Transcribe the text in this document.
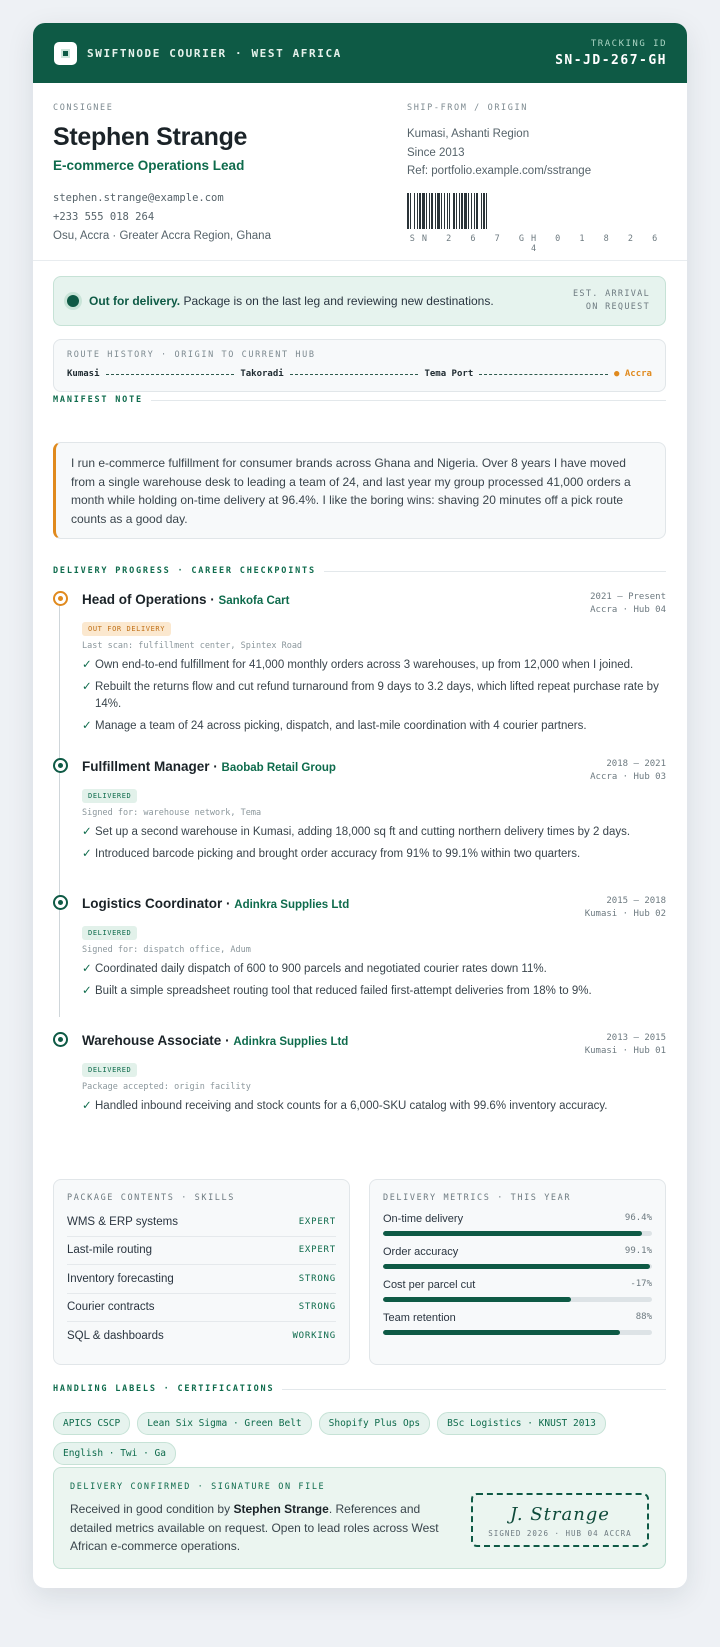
SWIFTNODE COURIER · WEST AFRICA
TRACKING ID
SN-JD-267-GH
CONSIGNEE
Stephen Strange
E-commerce Operations Lead
stephen.strange@example.com
+233 555 018 264
Osu, Accra · Greater Accra Region, Ghana
SHIP-FROM / ORIGIN
Kumasi, Ashanti Region
Since 2013
Ref: portfolio.example.com/sstrange
SN 2 6 7 GH 0 1 8 2 6 4
Out for delivery. Package is on the last leg and reviewing new destinations.	EST. ARRIVAL
ON REQUEST
ROUTE HISTORY · ORIGIN TO CURRENT HUB
Kumasi	Takoradi	Tema Port	● Accra
MANIFEST NOTE
I run e-commerce fulfillment for consumer brands across Ghana and Nigeria. Over 8 years I have moved from a single warehouse desk to leading a team of 24, and last year my group processed 41,000 orders a month while holding on-time delivery at 96.4%. I like the boring wins: shaving 20 minutes off a pick route counts as a good day.
DELIVERY PROGRESS · CAREER CHECKPOINTS
Head of Operations · Sankofa Cart	2021 – Present
Accra · Hub 04
OUT FOR DELIVERY
Last scan: fulfillment center, Spintex Road
✓ Own end-to-end fulfillment for 41,000 monthly orders across 3 warehouses, up from 12,000 when I joined.
✓ Rebuilt the returns flow and cut refund turnaround from 9 days to 3.2 days, which lifted repeat purchase rate by 14%.
✓ Manage a team of 24 across picking, dispatch, and last-mile coordination with 4 courier partners.
Fulfillment Manager · Baobab Retail Group	2018 – 2021
Accra · Hub 03
DELIVERED
Signed for: warehouse network, Tema
✓ Set up a second warehouse in Kumasi, adding 18,000 sq ft and cutting northern delivery times by 2 days.
✓ Introduced barcode picking and brought order accuracy from 91% to 99.1% within two quarters.
Logistics Coordinator · Adinkra Supplies Ltd	2015 – 2018
Kumasi · Hub 02
DELIVERED
Signed for: dispatch office, Adum
✓ Coordinated daily dispatch of 600 to 900 parcels and negotiated courier rates down 11%.
✓ Built a simple spreadsheet routing tool that reduced failed first-attempt deliveries from 18% to 9%.
Warehouse Associate · Adinkra Supplies Ltd	2013 – 2015
Kumasi · Hub 01
DELIVERED
Package accepted: origin facility
✓ Handled inbound receiving and stock counts for a 6,000-SKU catalog with 99.6% inventory accuracy.
PACKAGE CONTENTS · SKILLS
WMS & ERP systems	EXPERT
Last-mile routing	EXPERT
Inventory forecasting	STRONG
Courier contracts	STRONG
SQL & dashboards	WORKING
DELIVERY METRICS · THIS YEAR
On-time delivery	96.4%
Order accuracy	99.1%
Cost per parcel cut	-17%
Team retention	88%
HANDLING LABELS · CERTIFICATIONS
APICS CSCP	Lean Six Sigma · Green Belt	Shopify Plus Ops	BSc Logistics · KNUST 2013
English · Twi · Ga
DELIVERY CONFIRMED · SIGNATURE ON FILE
Received in good condition by Stephen Strange. References and detailed metrics available on request. Open to lead roles across West African e-commerce operations.
J. Strange
SIGNED 2026 · HUB 04 ACCRA
